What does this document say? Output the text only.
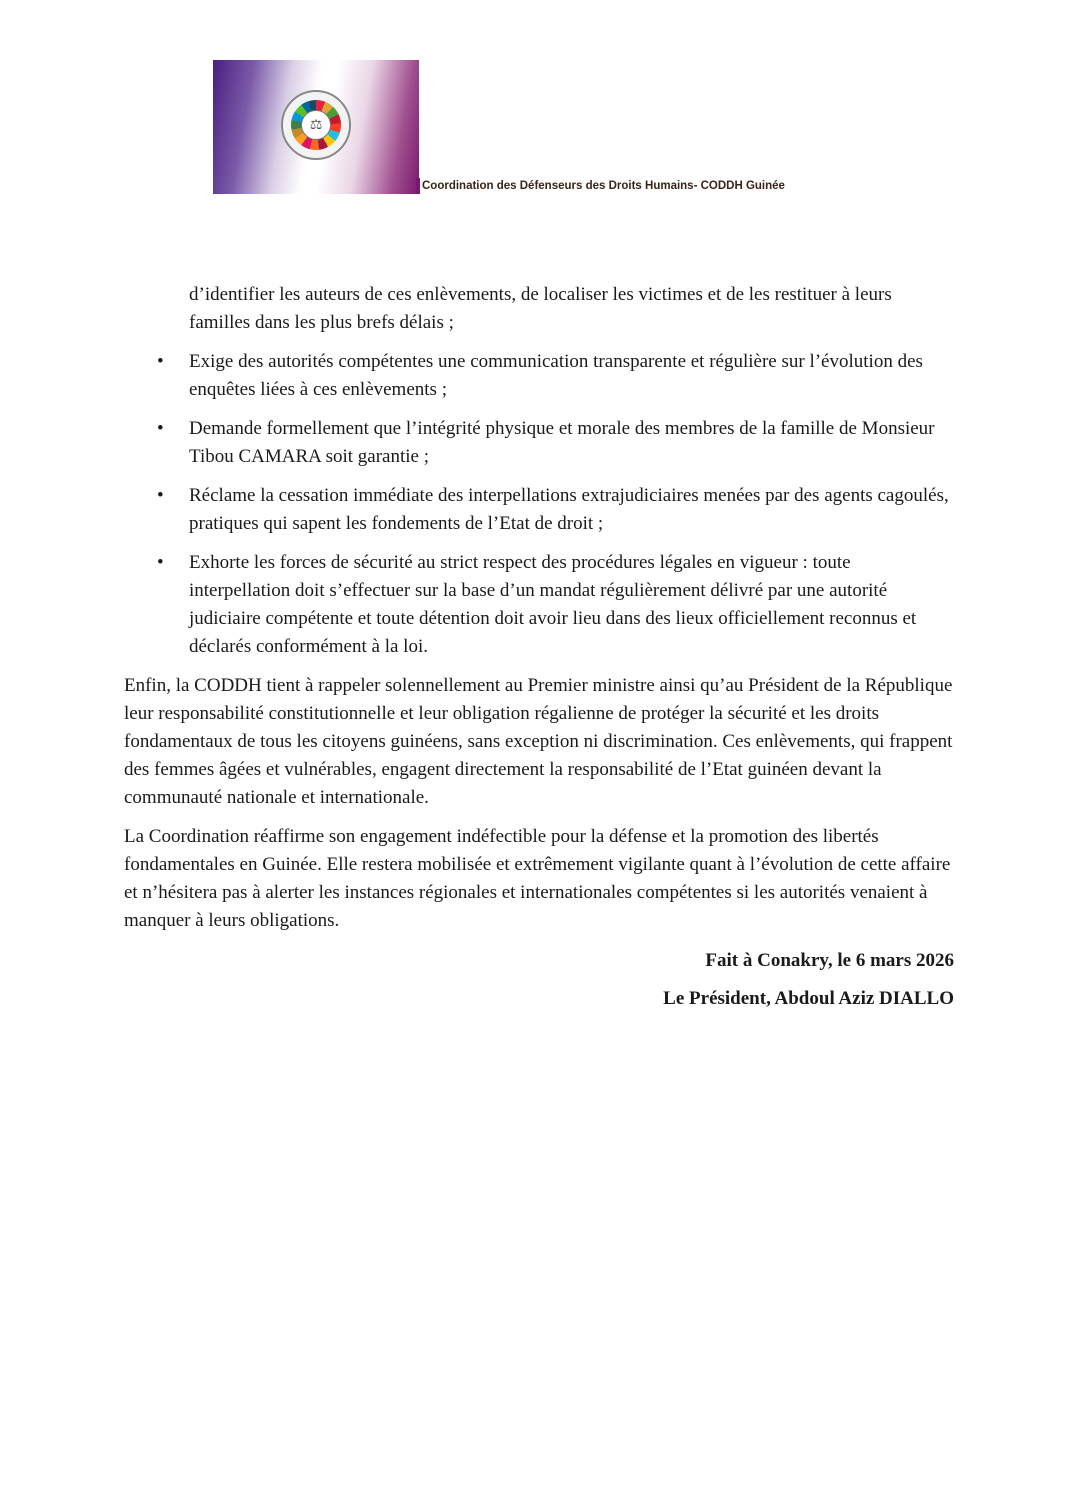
⚖
Coordination des Défenseurs des Droits Humains- CODDH Guinée
d’identifier les auteurs de ces enlèvements, de localiser les victimes et de les restituer à leurs familles dans les plus brefs délais ;
• Exige des autorités compétentes une communication transparente et régulière sur l’évolution des enquêtes liées à ces enlèvements ;
• Demande formellement que l’intégrité physique et morale des membres de la famille de Monsieur Tibou CAMARA soit garantie ;
• Réclame la cessation immédiate des interpellations extrajudiciaires menées par des agents cagoulés, pratiques qui sapent les fondements de l’Etat de droit ;
• Exhorte les forces de sécurité au strict respect des procédures légales en vigueur : toute interpellation doit s’effectuer sur la base d’un mandat régulièrement délivré par une autorité judiciaire compétente et toute détention doit avoir lieu dans des lieux officiellement reconnus et déclarés conformément à la loi.

Enfin, la CODDH tient à rappeler solennellement au Premier ministre ainsi qu’au Président de la République leur responsabilité constitutionnelle et leur obligation régalienne de protéger la sécurité et les droits fondamentaux de tous les citoyens guinéens, sans exception ni discrimination. Ces enlèvements, qui frappent des femmes âgées et vulnérables, engagent directement la responsabilité de l’Etat guinéen devant la communauté nationale et internationale.

La Coordination réaffirme son engagement indéfectible pour la défense et la promotion des libertés fondamentales en Guinée. Elle restera mobilisée et extrêmement vigilante quant à l’évolution de cette affaire et n’hésitera pas à alerter les instances régionales et internationales compétentes si les autorités venaient à manquer à leurs obligations.

Fait à Conakry, le 6 mars 2026

Le Président, Abdoul Aziz DIALLO
